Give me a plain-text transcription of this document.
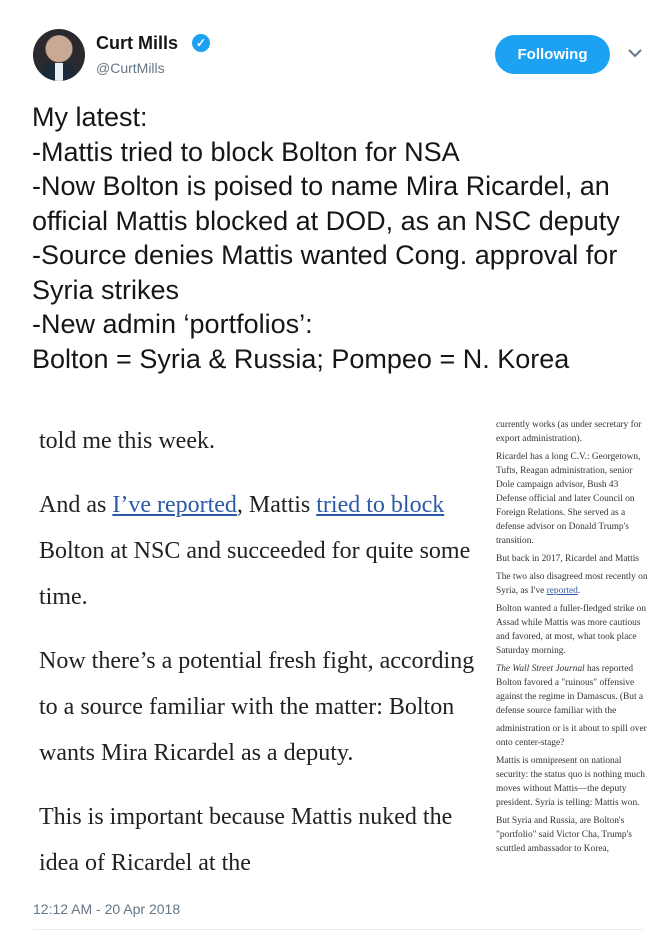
Curt Mills	✓
@CurtMills
Following
My latest:
-Mattis tried to block Bolton for NSA
-Now Bolton is poised to name Mira Ricardel, an official Mattis blocked at DOD, as an NSC deputy
-Source denies Mattis wanted Cong. approval for Syria strikes
-New admin ‘portfolios’:
Bolton = Syria & Russia; Pompeo = N. Korea

told me this week.

And as I’ve reported, Mattis tried to block Bolton at NSC and succeeded for quite some time.

Now there’s a potential fresh fight, according to a source familiar with the matter: Bolton wants Mira Ricardel as a deputy.

This is important because Mattis nuked the idea of Ricardel at the

currently works (as under secretary for export administration).

Ricardel has a long C.V.: Georgetown, Tufts, Reagan administration, senior Dole campaign advisor, Bush 43 Defense official and later Council on Foreign Relations. She served as a defense advisor on Donald Trump's transition.

But back in 2017, Ricardel and Mattis

The two also disagreed most recently on Syria, as I've reported.

Bolton wanted a fuller-fledged strike on Assad while Mattis was more cautious and favored, at most, what took place Saturday morning.

The Wall Street Journal has reported Bolton favored a "ruinous" offensive against the regime in Damascus. (But a defense source familiar with the

administration or is it about to spill over onto center-stage?

Mattis is omnipresent on national security: the status quo is nothing much moves without Mattis—the deputy president. Syria is telling: Mattis won.

But Syria and Russia, are Bolton's "portfolio" said Victor Cha, Trump's scuttled ambassador to Korea,

12:12 AM - 20 Apr 2018
